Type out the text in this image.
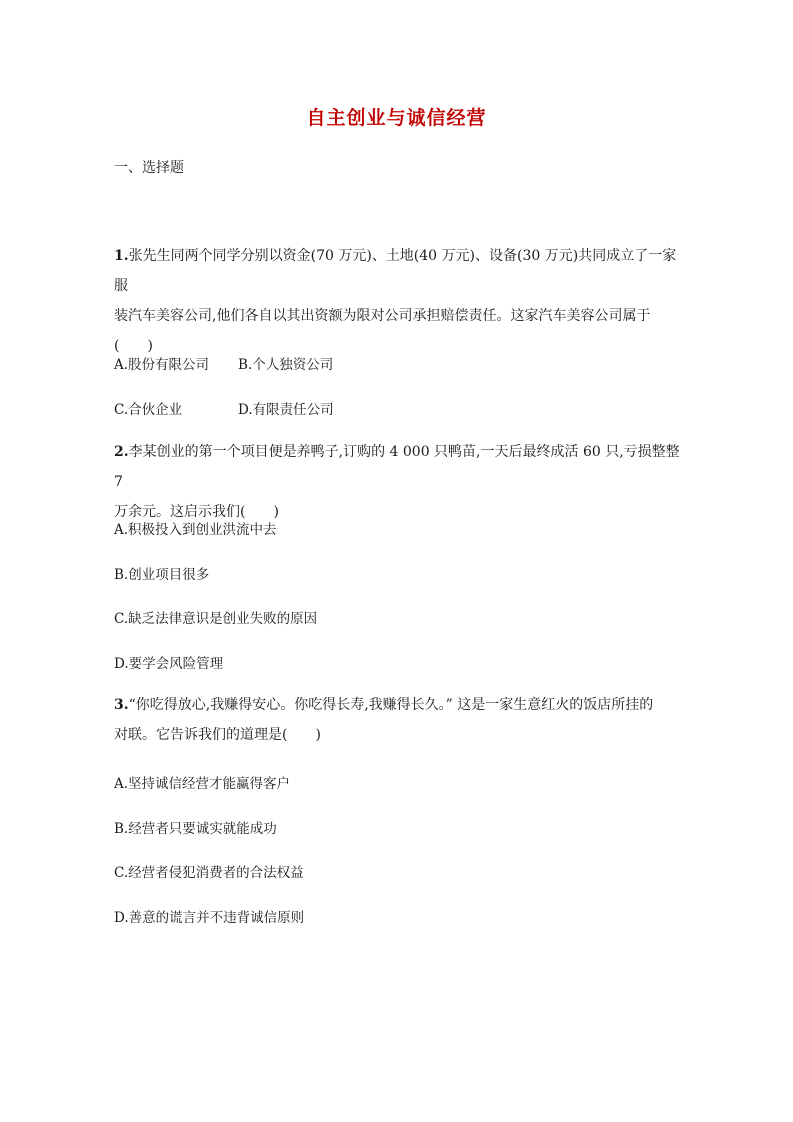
自主创业与诚信经营
一、选择题
1.张先生同两个同学分别以资金(70 万元)、土地(40 万元)、设备(30 万元)共同成立了一家服
装汽车美容公司,他们各自以其出资额为限对公司承担赔偿责任。这家汽车美容公司属于
(　　)
A.股份有限公司 B.个人独资公司
C.合伙企业	D.有限责任公司
2.李某创业的第一个项目便是养鸭子,订购的 4 000 只鸭苗,一天后最终成活 60 只,亏损整整 7
万余元。这启示我们(　　)
A.积极投入到创业洪流中去
B.创业项目很多
C.缺乏法律意识是创业失败的原因
D.要学会风险管理
3.“你吃得放心,我赚得安心。你吃得长寿,我赚得长久。” 这是一家生意红火的饭店所挂的
对联。它告诉我们的道理是(　　)
A.坚持诚信经营才能赢得客户
B.经营者只要诚实就能成功
C.经营者侵犯消费者的合法权益
D.善意的谎言并不违背诚信原则
